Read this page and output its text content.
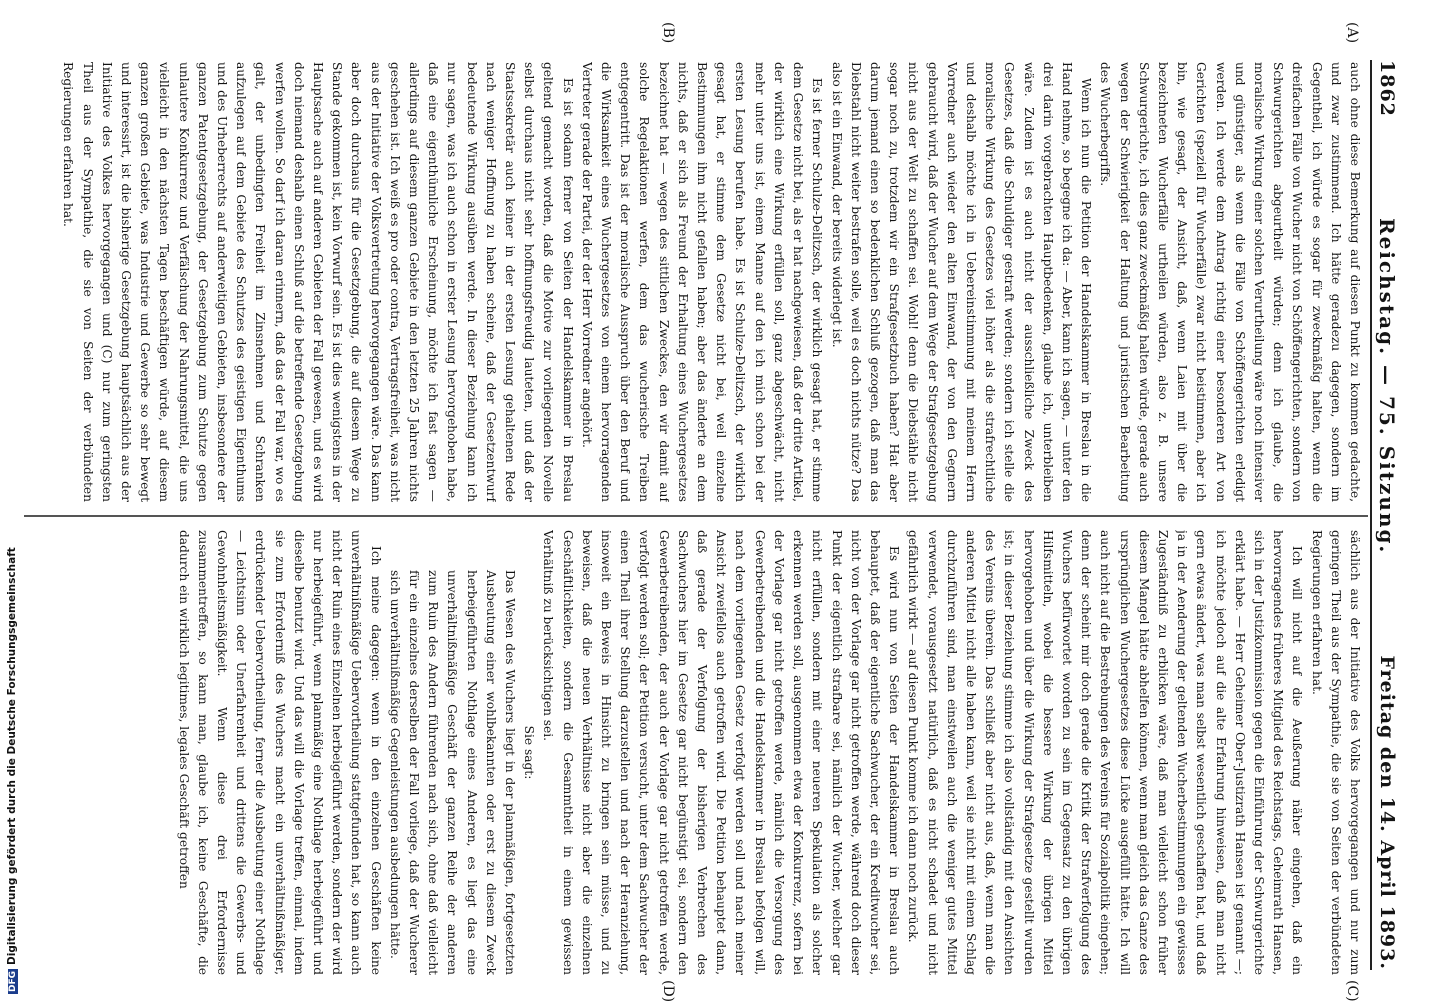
DFGDigitalisierung gefördert durch die Deutsche Forschungsgemeinschaft
1862
Reichstag. — 75. Sitzung.
Freitag den 14. April 1893.
(A)
(B)
(C)
(D)

auch ohne diese Bemerkung auf diesen Punkt zu kommen gedachte, und zwar zustimmend. Ich hätte geradezu dagegen, sondern im Gegentheil, ich würde es sogar für zweckmäßig halten, wenn die dreifachen Fälle von Wucher nicht von Schöffengerichten, sondern von Schwurgerichten abgeurtheilt würden; denn ich glaube, die moralische Wirkung einer solchen Verurtheilung wäre noch intensiver und günstiger, als wenn die Fälle von Schöffengerichten erledigt werden. Ich werde dem Antrag richtig einer besonderen Art von Gerichten (speziell für Wucherfälle) zwar nicht beistimmen, aber ich bin, wie gesagt, der Ansicht, daß, wenn Laien mit über die bezeichneten Wucherfälle urtheilen würden, also z. B. unsere Schwurgerichte, ich dies ganz zweckmäßig halten würde, gerade auch wegen der Schwierigkeit der Haltung und juristischen Bearbeitung des Wucherbegriffs.

Wenn ich nun die Petition der Handelskammer in Breslau in die Hand nehme, so begegne ich da: — Aber, kann ich sagen, — unter den drei darin vorgebrachten Hauptbedenken, glaube ich, unterbleiben wäre. Zudem ist es auch nicht der ausschließliche Zweck des Gesetzes, daß die Schuldiger gestraft werden; sondern ich stelle die moralische Wirkung des Gesetzes viel höher als die strafrechtliche und deshalb möchte ich in Uebereinstimmung mit meinem Herrn Vorredner auch wieder den alten Einwand, der von den Gegnern gebraucht wird, daß der Wucher auf dem Wege der Strafgesetzgebung nicht aus der Welt zu schaffen sei. Wohl! denn die Diebstähle nicht sogar noch zu, trotzdem wir ein Strafgesetzbuch haben? Hat aber darum jemand einen so bedenklichen Schluß gezogen, daß man das Diebstahl nicht weiter bestrafen solle, weil es doch nichts nütze? Das also ist ein Einwand, der bereits widerlegt ist.

Es ist ferner Schulze-Delitzsch, der wirklich gesagt hat, er stimme dem Gesetze nicht bei, als er hat nachgewiesen, daß der dritte Artikel, der wirklich eine Wirkung erfüllen soll, ganz abgeschwächt, nicht mehr unter uns ist, einem Manne auf den ich mich schon bei der ersten Lesung berufen habe. Es ist Schulze-Delitzsch, der wirklich gesagt hat, er stimme dem Gesetze nicht bei, weil einzelne Bestimmungen ihm nicht gefallen haben; aber das änderte an dem nichts, daß er sich als Freund der Erhaltung eines Wuchergesetzes bezeichnet hat — wegen des sittlichen Zweckes, den wir damit auf solche Regelaktionen werfen, dem das wucherische Treiben entgegentritt. Das ist der moralische Ausspruch über den Beruf und die Wirksamkeit eines Wuchergesetzes von einem hervorragenden Vertreter gerade der Partei, der der Herr Vorredner angehört.

Es ist sodann ferner von Seiten der Handelskammer in Breslau geltend gemacht worden, daß die Motive zur vorliegenden Novelle selbst durchaus nicht sehr hoffnungsfreudig lauteten, und daß der Staatssekretär auch keiner in der ersten Lesung gehaltenen Rede nach weniger Hoffnung zu haben scheine, daß der Gesetzentwurf bedeutende Wirkung ausüben werde. In dieser Beziehung kann ich nur sagen, was ich auch schon in erster Lesung hervorgehoben habe, daß eine eigenthümliche Erscheinung, möchte ich fast sagen — allerdings auf diesem ganzen Gebiete in den letzten 25 Jahren nichts geschehen ist. Ich weiß es pro oder contra, Vertragsfreiheit, was nicht aus der Initiative der Volksvertretung hervorgegangen wäre. Das kann aber doch durchaus für die Gesetzgebung, die auf diesem Wege zu Stande gekommen ist, kein Vorwurf sein. Es ist dies wenigstens in der Hauptsache auch auf anderen Gebieten der Fall gewesen, und es wird doch niemand deshalb einen Schluß auf die betreffende Gesetzgebung werfen wollen. So darf ich daran erinnern, daß das der Fall war, wo es galt, der unbedingten Freiheit im Zinsnehmen und Schranken aufzulegen auf dem Gebiete des Schutzes des geistigen Eigenthums und des Urheberrechts auf anderweitigen Gebieten, insbesondere der ganzen Patentgesetzgebung, der Gesetzgebung zum Schutze gegen unlautere Konkurrenz und Verfälschung der Nahrungsmittel, die uns vielleicht in den nächsten Tagen beschäftigen würde, auf diesem ganzen großen Gebiete, was Industrie und Gewerbe so sehr bewegt und interessirt, ist die bisherige Gesetzgebung hauptsächlich aus der Initiative des Volkes hervorgegangen und (C) nur zum geringsten Theil aus der Sympathie, die sie von Seiten der verbündeten Regierungen erfahren hat.

sächlich aus der Initiative des Volks hervorgegangen und nur zum geringen Theil aus der Sympathie, die sie von Seiten der verbündeten Regierungen erfahren hat.

Ich will nicht auf die Aeußerung näher eingehen, daß ein hervorragendes früheres Mitglied des Reichstags, Geheimrath Hansen, sich in der Justizkommission gegen die Einführung der Schwurgerichte erklärt habe. — Herr Geheimer Ober-Justizrath Hansen ist genannt —; ich möchte jedoch auf die alte Erfahrung hinweisen, daß man nicht gern etwas ändert, was man selbst wesentlich geschaffen hat, und daß ja in der Aenderung der geltenden Wucherbestimmungen ein gewisses Zugeständniß zu erblicken wäre, daß man vielleicht schon früher diesem Mangel hätte abhelfen können, wenn man gleich das Ganze des ursprünglichen Wuchergesetzes diese Lücke ausgefüllt hätte. Ich will auch nicht auf die Bestrebungen des Vereins für Sozialpolitik eingehen; denn der scheint mir doch gerade die Kritik der Strafverfolgung des Wuchers befürwortet worden zu sein im Gegensatz zu den übrigen Hilfsmitteln, wobei die bessere Wirkung der übrigen Mittel hervorgehoben und über die Wirkung der Strafgesetze gestellt wurden ist; in dieser Beziehung stimme ich also vollständig mit den Ansichten des Vereins überein. Das schließt aber nicht aus, daß, wenn man die anderen Mittel nicht alle haben kann, weil sie nicht mit einem Schlag durchzuführen sind, man einstweilen auch die weniger gutes Mittel verwendet, vorausgesetzt natürlich, daß es nicht schadet und nicht gefährlich wirkt — auf diesen Punkt komme ich dann noch zurück.

Es wird nun von Seiten der Handelskammer in Breslau auch behauptet, daß der eigentliche Sachwucher, der ein Kreditwucher sei, nicht von der Vorlage gar nicht getroffen werde, während doch dieser Punkt der eigentlich strafbare sei, nämlich der Wucher, welcher gar nicht erfüllen, sondern mit einer neueren Spekulation als solcher erkennen werden soll, ausgenommen etwa der Konkurrenz, sofern bei der Vorlage gar nicht getroffen werde, nämlich die Versorgung des Gewerbetreibenden und die Handelskammer in Breslau befolgen will, nach dem vorliegenden Gesetz verfolgt werden soll und nach meiner Ansicht zweifellos auch getroffen wird. Die Petition behauptet dann, daß gerade der Verfolgung der bisherigen Verbrechen des Sachwuchers hier im Gesetze gar nicht begünstigt sei, sondern den Gewerbetreibenden, der auch der Vorlage gar nicht getroffen werde, verfolgt werden soll; der Petition versucht, unter dem Sachwucher der einen Theil ihrer Stellung darzustellen und nach der Heranziehung, insoweit ein Beweis in Hinsicht zu bringen sein müsse, und zu beweisen, daß die neuen Verhältnisse nicht aber die einzelnen Geschäftlichkeiten, sondern die Gesammtheit in einem gewissen Verhältniß zu berücksichtigen sei.

Sie sagt:

Das Wesen des Wuchers liegt in der planmäßigen, fortgesetzten Ausbeutung einer wohlbekannten oder erst zu diesem Zweck herbeigeführten Nothlage eines Anderen, es liegt das eine unverhältnißmäßige Geschäft der ganzen Reihe der anderen zum Ruin des Andern führenden nach sich, ohne daß vielleicht für ein einzelnes derselben der Fall vorliege, daß der Wucherer sich unverhältnißmäßige Gegenleistungen ausbedungen hätte.

Ich meine dagegen: wenn in den einzelnen Geschäften keine unverhältnißmäßige Uebervortheilung stattgefunden hat, so kann auch nicht der Ruin eines Einzelnen herbeigeführt werden, sondern der wird nur herbeigeführt, wenn planmäßig eine Nothlage herbeigeführt und dieselbe benutzt wird. Und das will die Vorlage treffen, einmal, indem sie zum Erforderniß des Wuchers macht ein unverhältnißmäßiger, erdrückender Uebervortheilung, ferner die Ausbeutung einer Nothlage — Leichtsinn oder Unerfahrenheit und drittens die Gewerbs- und Gewohnheitsmäßigkeit. Wenn diese drei Erfordernisse zusammentreffen, so kann man, glaube ich, keine Geschäfte, die dadurch ein wirklich legitimes, legales Geschäft getroffen
